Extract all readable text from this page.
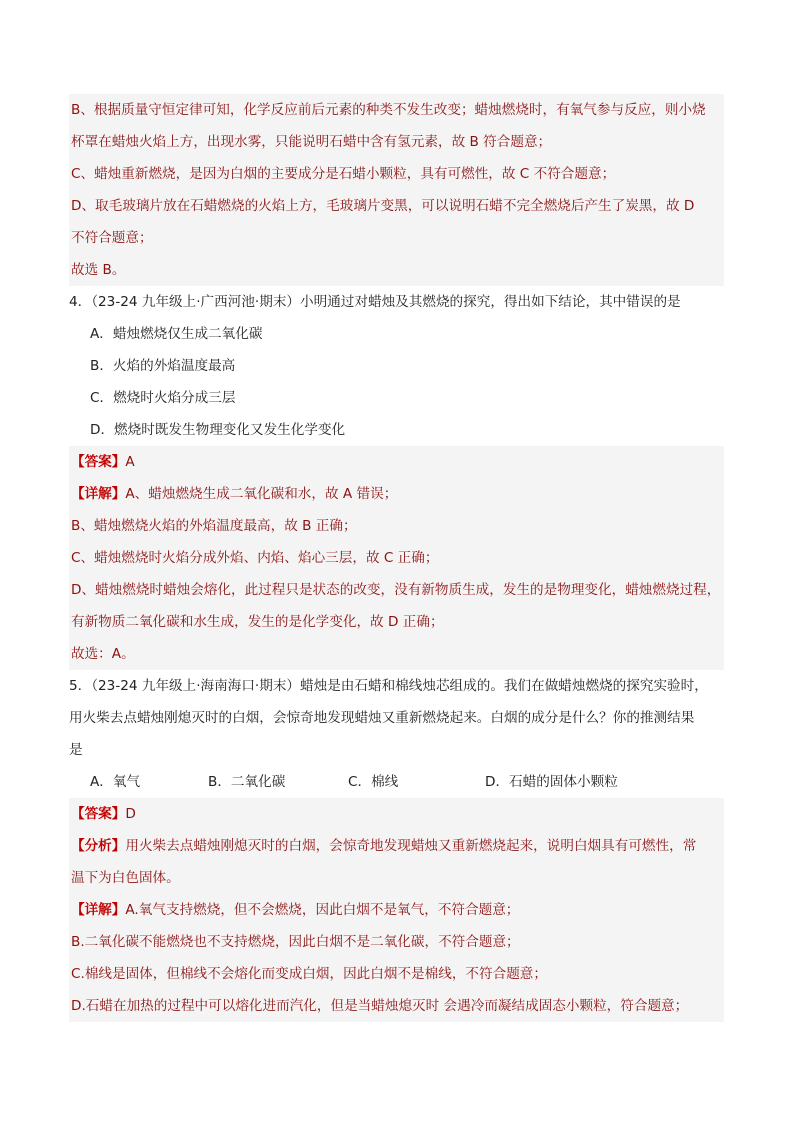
B、根据质量守恒定律可知，化学反应前后元素的种类不发生改变；蜡烛燃烧时，有氧气参与反应，则小烧
杯罩在蜡烛火焰上方，出现水雾，只能说明石蜡中含有氢元素，故 B 符合题意；
C、蜡烛重新燃烧，是因为白烟的主要成分是石蜡小颗粒，具有可燃性，故 C 不符合题意；
D、取毛玻璃片放在石蜡燃烧的火焰上方，毛玻璃片变黑，可以说明石蜡不完全燃烧后产生了炭黑，故 D
不符合题意；
故选 B。
4．（23-24 九年级上·广西河池·期末）小明通过对蜡烛及其燃烧的探究，得出如下结论，其中错误的是
A．蜡烛燃烧仅生成二氧化碳
B．火焰的外焰温度最高
C．燃烧时火焰分成三层
D．燃烧时既发生物理变化又发生化学变化
【答案】A
【详解】A、蜡烛燃烧生成二氧化碳和水，故 A 错误；
B、蜡烛燃烧火焰的外焰温度最高，故 B 正确；
C、蜡烛燃烧时火焰分成外焰、内焰、焰心三层，故 C 正确；
D、蜡烛燃烧时蜡烛会熔化，此过程只是状态的改变，没有新物质生成，发生的是物理变化，蜡烛燃烧过程，
有新物质二氧化碳和水生成，发生的是化学变化，故 D 正确；
故选：A。
5．（23-24 九年级上·海南海口·期末）蜡烛是由石蜡和棉线烛芯组成的。我们在做蜡烛燃烧的探究实验时，
用火柴去点蜡烛刚熄灭时的白烟，会惊奇地发现蜡烛又重新燃烧起来。白烟的成分是什么？你的推测结果
是
A．氧气	B．二氧化碳	C．棉线	D．石蜡的固体小颗粒
【答案】D
【分析】用火柴去点蜡烛刚熄灭时的白烟，会惊奇地发现蜡烛又重新燃烧起来，说明白烟具有可燃性，常
温下为白色固体。
【详解】A.氧气支持燃烧，但不会燃烧，因此白烟不是氧气，不符合题意；
B.二氧化碳不能燃烧也不支持燃烧，因此白烟不是二氧化碳，不符合题意；
C.棉线是固体，但棉线不会熔化而变成白烟，因此白烟不是棉线，不符合题意；
D.石蜡在加热的过程中可以熔化进而汽化，但是当蜡烛熄灭时 会遇冷而凝结成固态小颗粒，符合题意；
